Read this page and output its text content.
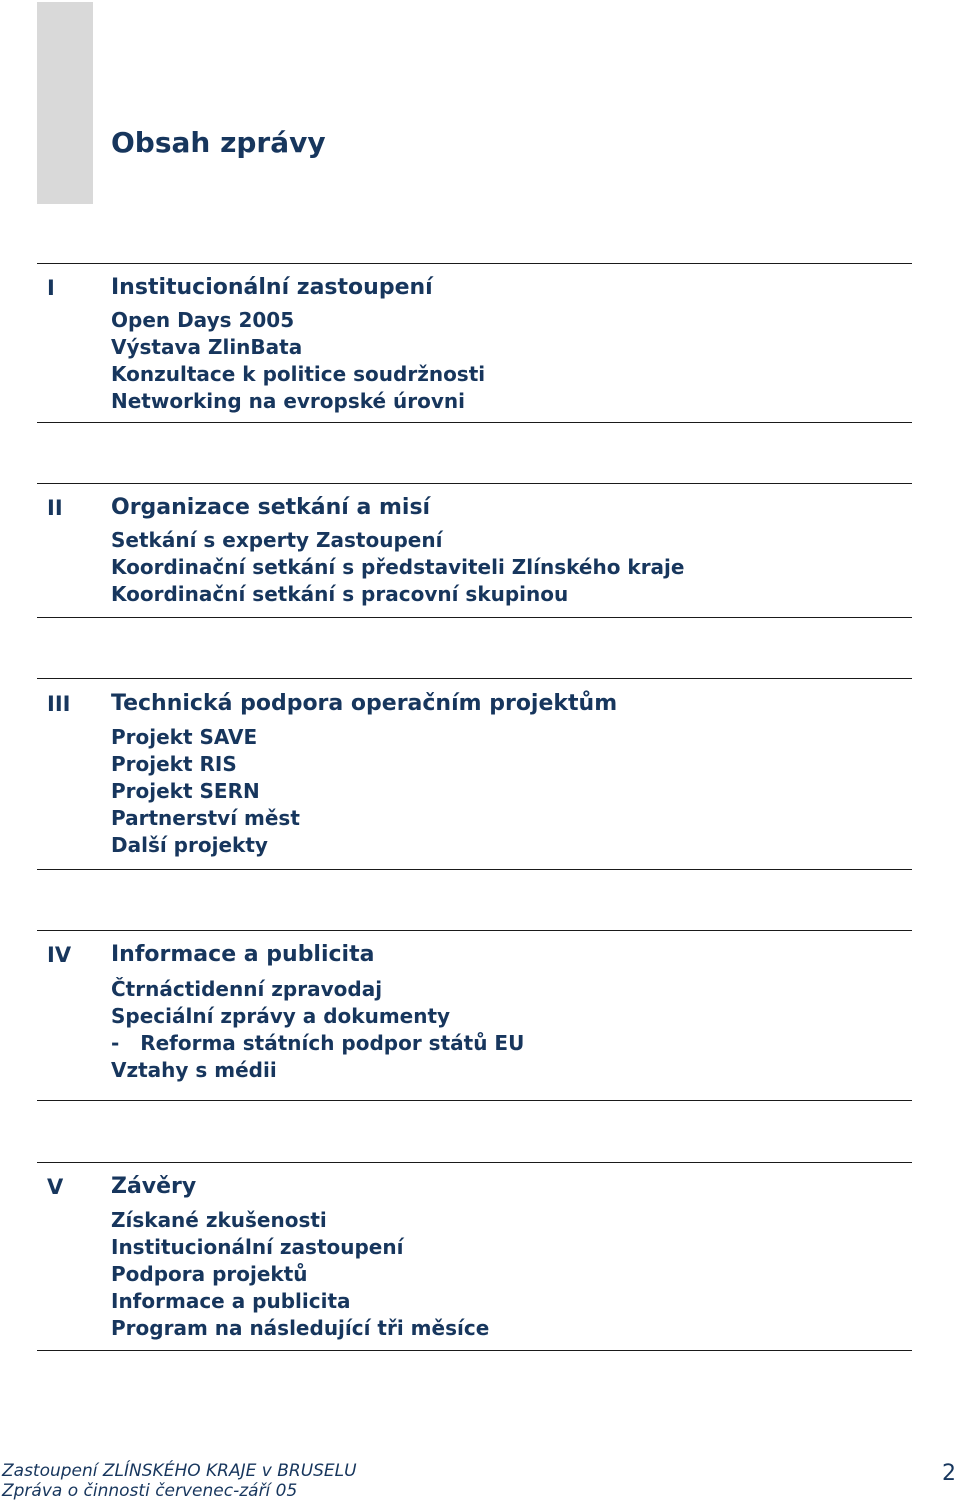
Obsah zprávy
I	Institucionální zastoupení
Open Days 2005
Výstava ZlinBata
Konzultace k politice soudržnosti
Networking na evropské úrovni
II Organizace setkání a misí
Setkání s experty Zastoupení
Koordinační setkání s představiteli Zlínského kraje
Koordinační setkání s pracovní skupinou
III Technická podpora operačním projektům
Projekt SAVE
Projekt RIS
Projekt SERN
Partnerství měst
Další projekty
IV Informace a publicita
Čtrnáctidenní zpravodaj
Speciální zprávy a dokumenty
-   Reforma státních podpor států EU
Vztahy s médii
V Závěry
Získané zkušenosti
Institucionální zastoupení
Podpora projektů
Informace a publicita
Program na následující tři měsíce
Zastoupení ZLÍNSKÉHO KRAJE v BRUSELU
Zpráva o činnosti červenec-září 05
2
